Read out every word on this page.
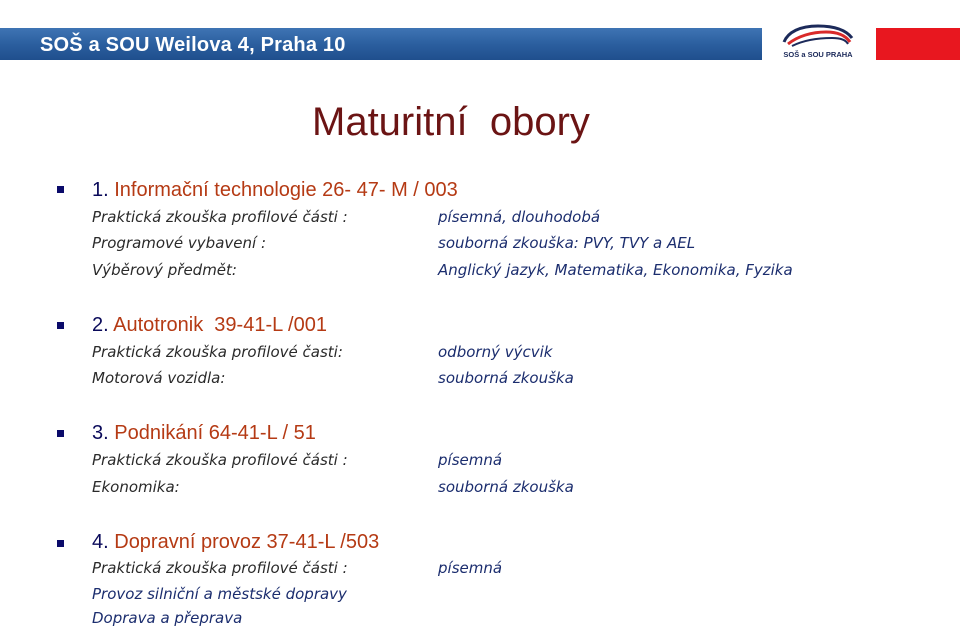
SOŠ a SOU Weilova 4, Praha 10	SOŠ a SOU PRAHA
Maturitní  obory
1. Informační technologie 26- 47- M / 003
Praktická zkouška profilové části :	písemná, dlouhodobá
Programové vybavení :	souborná zkouška: PVY, TVY a AEL
Výběrový předmět:	Anglický jazyk, Matematika, Ekonomika, Fyzika
2. Autotronik  39-41-L /001
Praktická zkouška profilové časti:	odborný výcvik
Motorová vozidla:	souborná zkouška
3. Podnikání 64-41-L / 51
Praktická zkouška profilové části :	písemná
Ekonomika:	souborná zkouška
4. Dopravní provoz 37-41-L /503
Praktická zkouška profilové části :	písemná
Provoz silniční a městské dopravy
Doprava a přeprava
